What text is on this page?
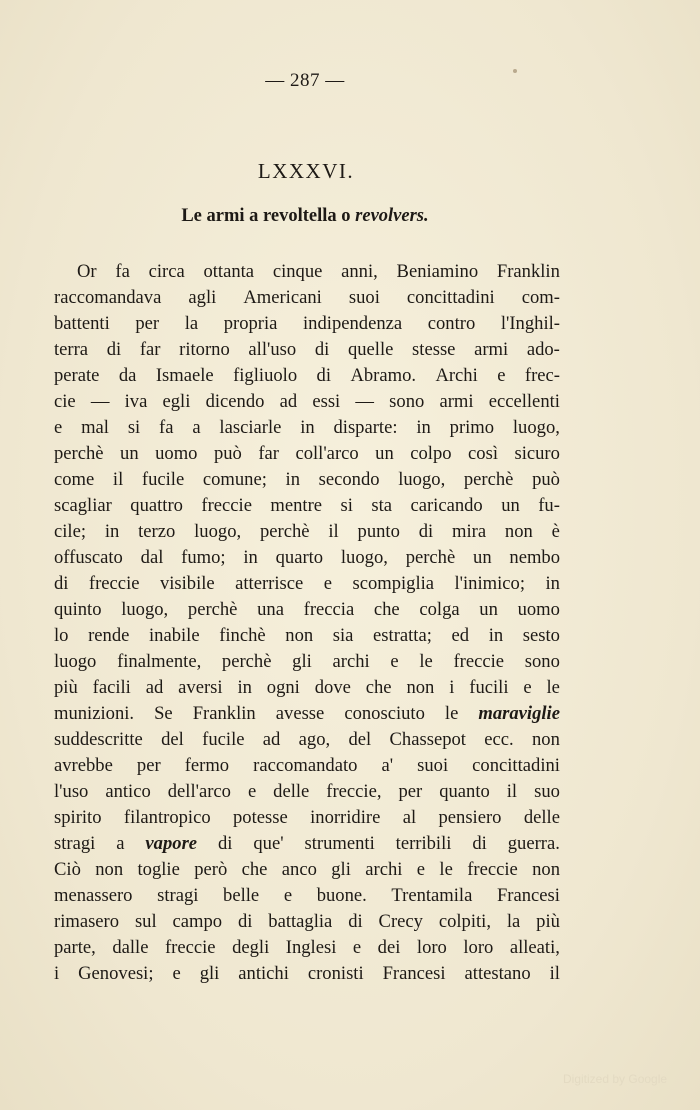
— 287 —
LXXXVI.
Le armi a revoltella o revolvers.
Or fa circa ottanta cinque anni, Beniamino Franklin
raccomandava agli Americani suoi concittadini com-
battenti per la propria indipendenza contro l'Inghil-
terra di far ritorno all'uso di quelle stesse armi ado-
perate da Ismaele figliuolo di Abramo. Archi e frec-
cie — iva egli dicendo ad essi — sono armi eccellenti
e mal si fa a lasciarle in disparte: in primo luogo,
perchè un uomo può far coll'arco un colpo così sicuro
come il fucile comune; in secondo luogo, perchè può
scagliar quattro freccie mentre si sta caricando un fu-
cile; in terzo luogo, perchè il punto di mira non è
offuscato dal fumo; in quarto luogo, perchè un nembo
di freccie visibile atterrisce e scompiglia l'inimico; in
quinto luogo, perchè una freccia che colga un uomo
lo rende inabile finchè non sia estratta; ed in sesto
luogo finalmente, perchè gli archi e le freccie sono
più facili ad aversi in ogni dove che non i fucili e le
munizioni. Se Franklin avesse conosciuto le maraviglie
suddescritte del fucile ad ago, del Chassepot ecc. non
avrebbe per fermo raccomandato a' suoi concittadini
l'uso antico dell'arco e delle freccie, per quanto il suo
spirito filantropico potesse inorridire al pensiero delle
stragi a vapore di que' strumenti terribili di guerra.
Ciò non toglie però che anco gli archi e le freccie non
menassero stragi belle e buone. Trentamila Francesi
rimasero sul campo di battaglia di Crecy colpiti, la più
parte, dalle freccie degli Inglesi e dei loro loro alleati,
i Genovesi; e gli antichi cronisti Francesi attestano il
Digitized by Google
